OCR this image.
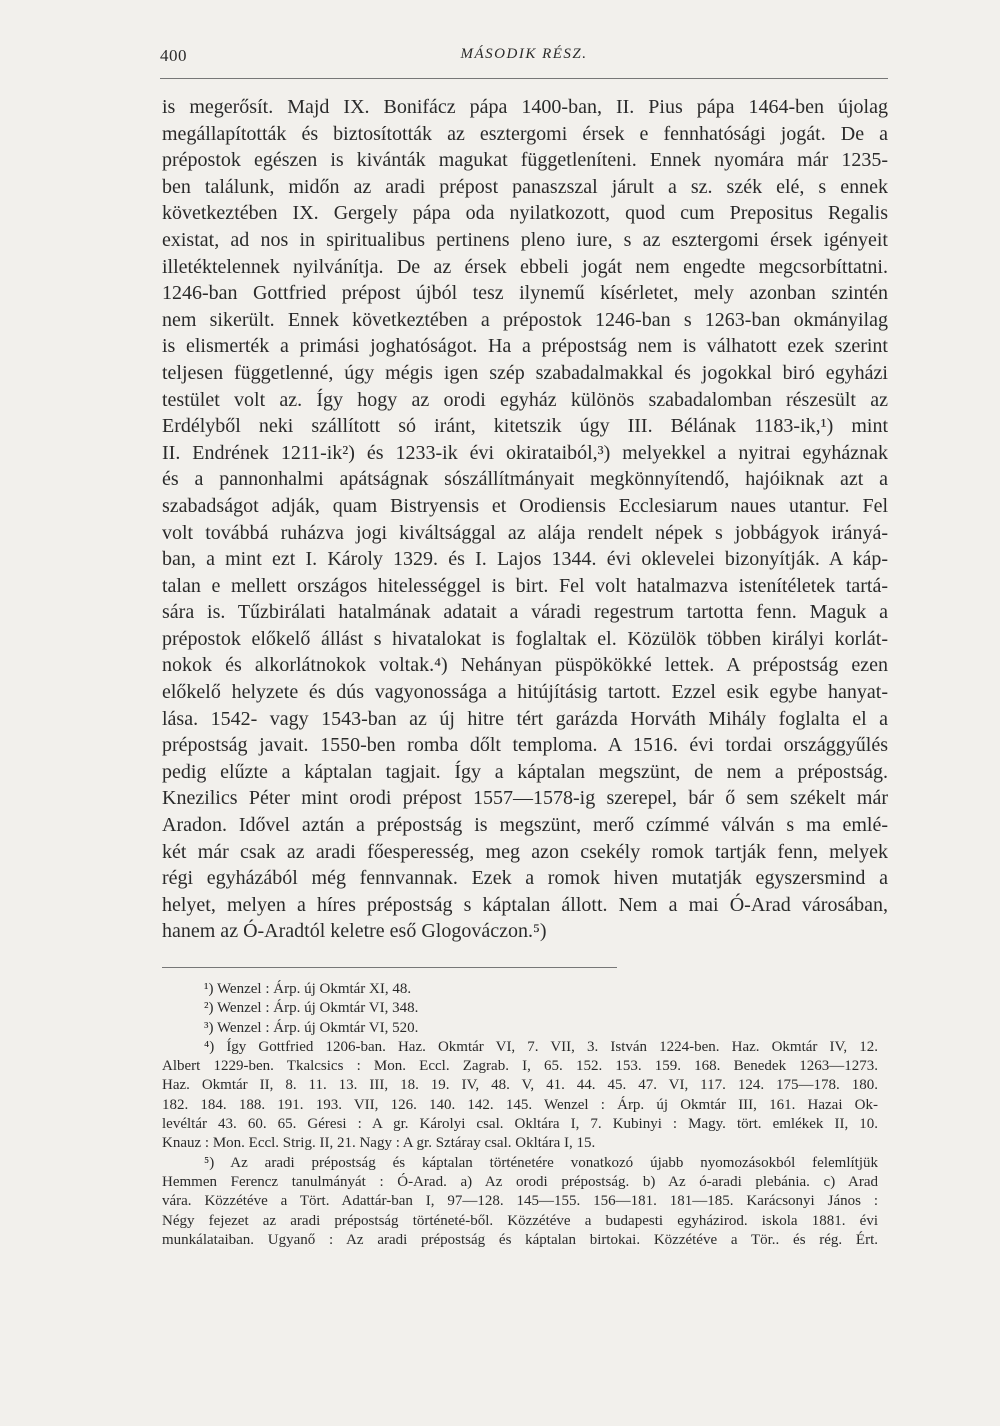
400	MÁSODIK RÉSZ.
is megerősít. Majd IX. Bonifácz pápa 1400-ban, II. Pius pápa 1464-ben újolag
megállapították és biztosították az esztergomi érsek e fennhatósági jogát. De a
prépostok egészen is kivánták magukat függetleníteni. Ennek nyomára már 1235-
ben találunk, midőn az aradi prépost panaszszal járult a sz. szék elé, s ennek
következtében IX. Gergely pápa oda nyilatkozott, quod cum Prepositus Regalis
existat, ad nos in spiritualibus pertinens pleno iure, s az esztergomi érsek igényeit
illetéktelennek nyilvánítja. De az érsek ebbeli jogát nem engedte megcsorbíttatni.
1246-ban Gottfried prépost újból tesz ilynemű kísérletet, mely azonban szintén
nem sikerült. Ennek következtében a prépostok 1246-ban s 1263-ban okmányilag
is elismerték a primási joghatóságot. Ha a prépostság nem is válhatott ezek szerint
teljesen függetlenné, úgy mégis igen szép szabadalmakkal és jogokkal biró egyházi
testület volt az. Így hogy az orodi egyház különös szabadalomban részesült az
Erdélyből neki szállított só iránt, kitetszik úgy III. Bélának 1183-ik,¹) mint
II. Endrének 1211-ik²) és 1233-ik évi okirataiból,³) melyekkel a nyitrai egyháznak
és a pannonhalmi apátságnak sószállítmányait megkönnyítendő, hajóiknak azt a
szabadságot adják, quam Bistryensis et Orodiensis Ecclesiarum naues utantur. Fel
volt továbbá ruházva jogi kiváltsággal az alája rendelt népek s jobbágyok irányá-
ban, a mint ezt I. Károly 1329. és I. Lajos 1344. évi oklevelei bizonyítják. A káp-
talan e mellett országos hitelességgel is birt. Fel volt hatalmazva istenítéletek tartá-
sára is. Tűzbirálati hatalmának adatait a váradi regestrum tartotta fenn. Maguk a
prépostok előkelő állást s hivatalokat is foglaltak el. Közülök többen királyi korlát-
nokok és alkorlátnokok voltak.⁴) Nehányan püspökökké lettek. A prépostság ezen
előkelő helyzete és dús vagyonossága a hitújításig tartott. Ezzel esik egybe hanyat-
lása. 1542- vagy 1543-ban az új hitre tért garázda Horváth Mihály foglalta el a
prépostság javait. 1550-ben romba dőlt temploma. A 1516. évi tordai országgyűlés
pedig elűzte a káptalan tagjait. Így a káptalan megszünt, de nem a prépostság.
Knezilics Péter mint orodi prépost 1557—1578-ig szerepel, bár ő sem székelt már
Aradon. Idővel aztán a prépostság is megszünt, merő czímmé válván s ma emlé-
két már csak az aradi főesperesség, meg azon csekély romok tartják fenn, melyek
régi egyházából még fennvannak. Ezek a romok hiven mutatják egyszersmind a
helyet, melyen a híres prépostság s káptalan állott. Nem a mai Ó-Arad városában,
hanem az Ó-Aradtól keletre eső Glogováczon.⁵)
¹) Wenzel : Árp. új Okmtár XI, 48.
²) Wenzel : Árp. új Okmtár VI, 348.
³) Wenzel : Árp. új Okmtár VI, 520.
⁴) Így Gottfried 1206-ban. Haz. Okmtár VI, 7. VII, 3. István 1224-ben. Haz. Okmtár IV, 12.
Albert 1229-ben. Tkalcsics : Mon. Eccl. Zagrab. I, 65. 152. 153. 159. 168. Benedek 1263—1273.
Haz. Okmtár II, 8. 11. 13. III, 18. 19. IV, 48. V, 41. 44. 45. 47. VI, 117. 124. 175—178. 180.
182. 184. 188. 191. 193. VII, 126. 140. 142. 145. Wenzel : Árp. új Okmtár III, 161. Hazai Ok-
levéltár 43. 60. 65. Géresi : A gr. Károlyi csal. Okltára I, 7. Kubinyi : Magy. tört. emlékek II, 10.
Knauz : Mon. Eccl. Strig. II, 21. Nagy : A gr. Sztáray csal. Okltára I, 15.
⁵) Az aradi prépostság és káptalan történetére vonatkozó újabb nyomozásokból felemlítjük
Hemmen Ferencz tanulmányát : Ó-Arad. a) Az orodi prépostság. b) Az ó-aradi plebánia. c) Arad
vára. Közzétéve a Tört. Adattár-ban I, 97—128. 145—155. 156—181. 181—185. Karácsonyi János :
Négy fejezet az aradi prépostság történeté-ből. Közzétéve a budapesti egyházirod. iskola 1881. évi
munkálataiban. Ugyanő : Az aradi prépostság és káptalan birtokai. Közzétéve a Tör.. és rég. Ért.
